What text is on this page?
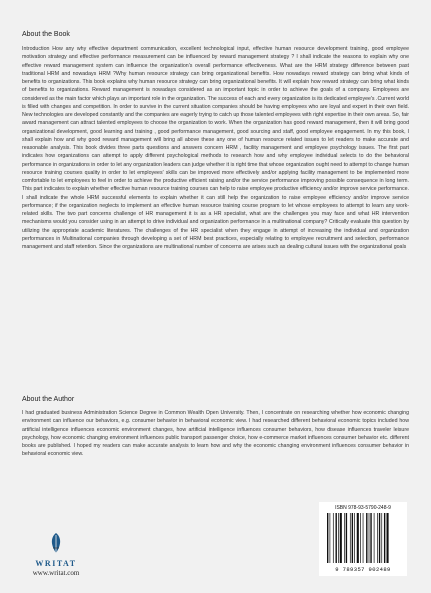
About the Book
Introduction How any why effective department communication, excellent technological input, effective human resource development training, good employee motivation strategy and effective performance measurement can be influenced by reward management strategy ? I shall indicate the reasons to explain why one effective reward management system can influence the organization's overall performance effectiveness. What are the HRM strategy difference between past traditional HRM and nowadays HRM ?Why human resource strategy can bring organizational benefits. How nowadays reward strategy can bring what kinds of benefits to organizations. This book explains why human resource strategy can bring organizational benefits. It will explain how reward strategy can bring what kinds of benefits to organizations. Reward management is nowadays considered as an important topic in order to achieve the goals of a company. Employees are considered as the main factor which plays an important role in the organization. The success of each and every organization is its dedicated employee's .Current world is filled with changes and competition. In order to survive in the current situation companies should be having employees who are loyal and expert in their own field. New technologies are developed constantly and the companies are eagerly trying to catch up those talented employees with right expertise in their own areas. So, fair award management can attract talented employees to choose the organization to work. When the organization has good reward management, then it will bring good organizational development, good learning and training , good performance management, good sourcing and staff, good employee engagement. In my this book, I shall explain how and why good reward management will bring all above these any one of human resource related issues to let readers to make accurate and reasonable analysis. This book divides three parts questions and answers concern HRM , facility management and employee psychology issues. The first part indicates how organizations can attempt to apply different psychological methods to research how and why employee individual selects to do the behavioral performance in organizations in order to let any organization leaders can judge whether it is right time that whose organization ought need to attempt to change human resource training courses quality in order to let employees' skills can be improved more effectively and/or applying facility management to be implemented more comfortable to let employees to feel in order to achieve the productive efficient raising and/or the service performance improving possible consequence in long term. This part indicates to explain whether effective human resource training courses can help to raise employee productive efficiency and/or improve service performance. I shall indicate the whole HRM successful elements to explain whether it can still help the organization to raise employee efficiency and/or improve service performance; if the organization neglects to implement an effective human resource training course program to let whose employees to attempt to learn any work-related skills. The two part concerns challenge of HR management it is as a HR specialist, what are the challenges you may face and what HR intervention mechanisms would you consider using in an attempt to drive individual and organization performance in a multinational company? Critically evaluate this question by utilizing the appropriate academic literatures. The challenges of the HR specialist when they engage in attempt of increasing the individual and organization performances in Multinational companies through developing a set of HRM best practices, especially relating to employee recruitment and selection, performance management and staff retention. Since the organizations are multinational number of concerns are arises such as dealing cultural issues with the organizational goals
About the Author
I had graduated business Administration Science Degree in Common Wealth Open University. Then, I concentrate on researching whether how economic changing environment can influence our behaviors, e.g. consumer behavior in behavioral economic view. I had researched different behavioral economic topics included how artificial intelligence influences economic environment changes, how artificial intelligence influences consumer behaviors, how disease influences traveler leisure psychology, how economic changing environment influences public transport passenger choice, how e-commerce market influences consumer behavior etc. different books are published. I hoped my readers can make accurate analysis to learn how and why the economic changing environment influences consumer behavior in behavioral economic view.
WRITAT
www.writat.com
ISBN 978-93-5790-248-9
9 789357 902489
